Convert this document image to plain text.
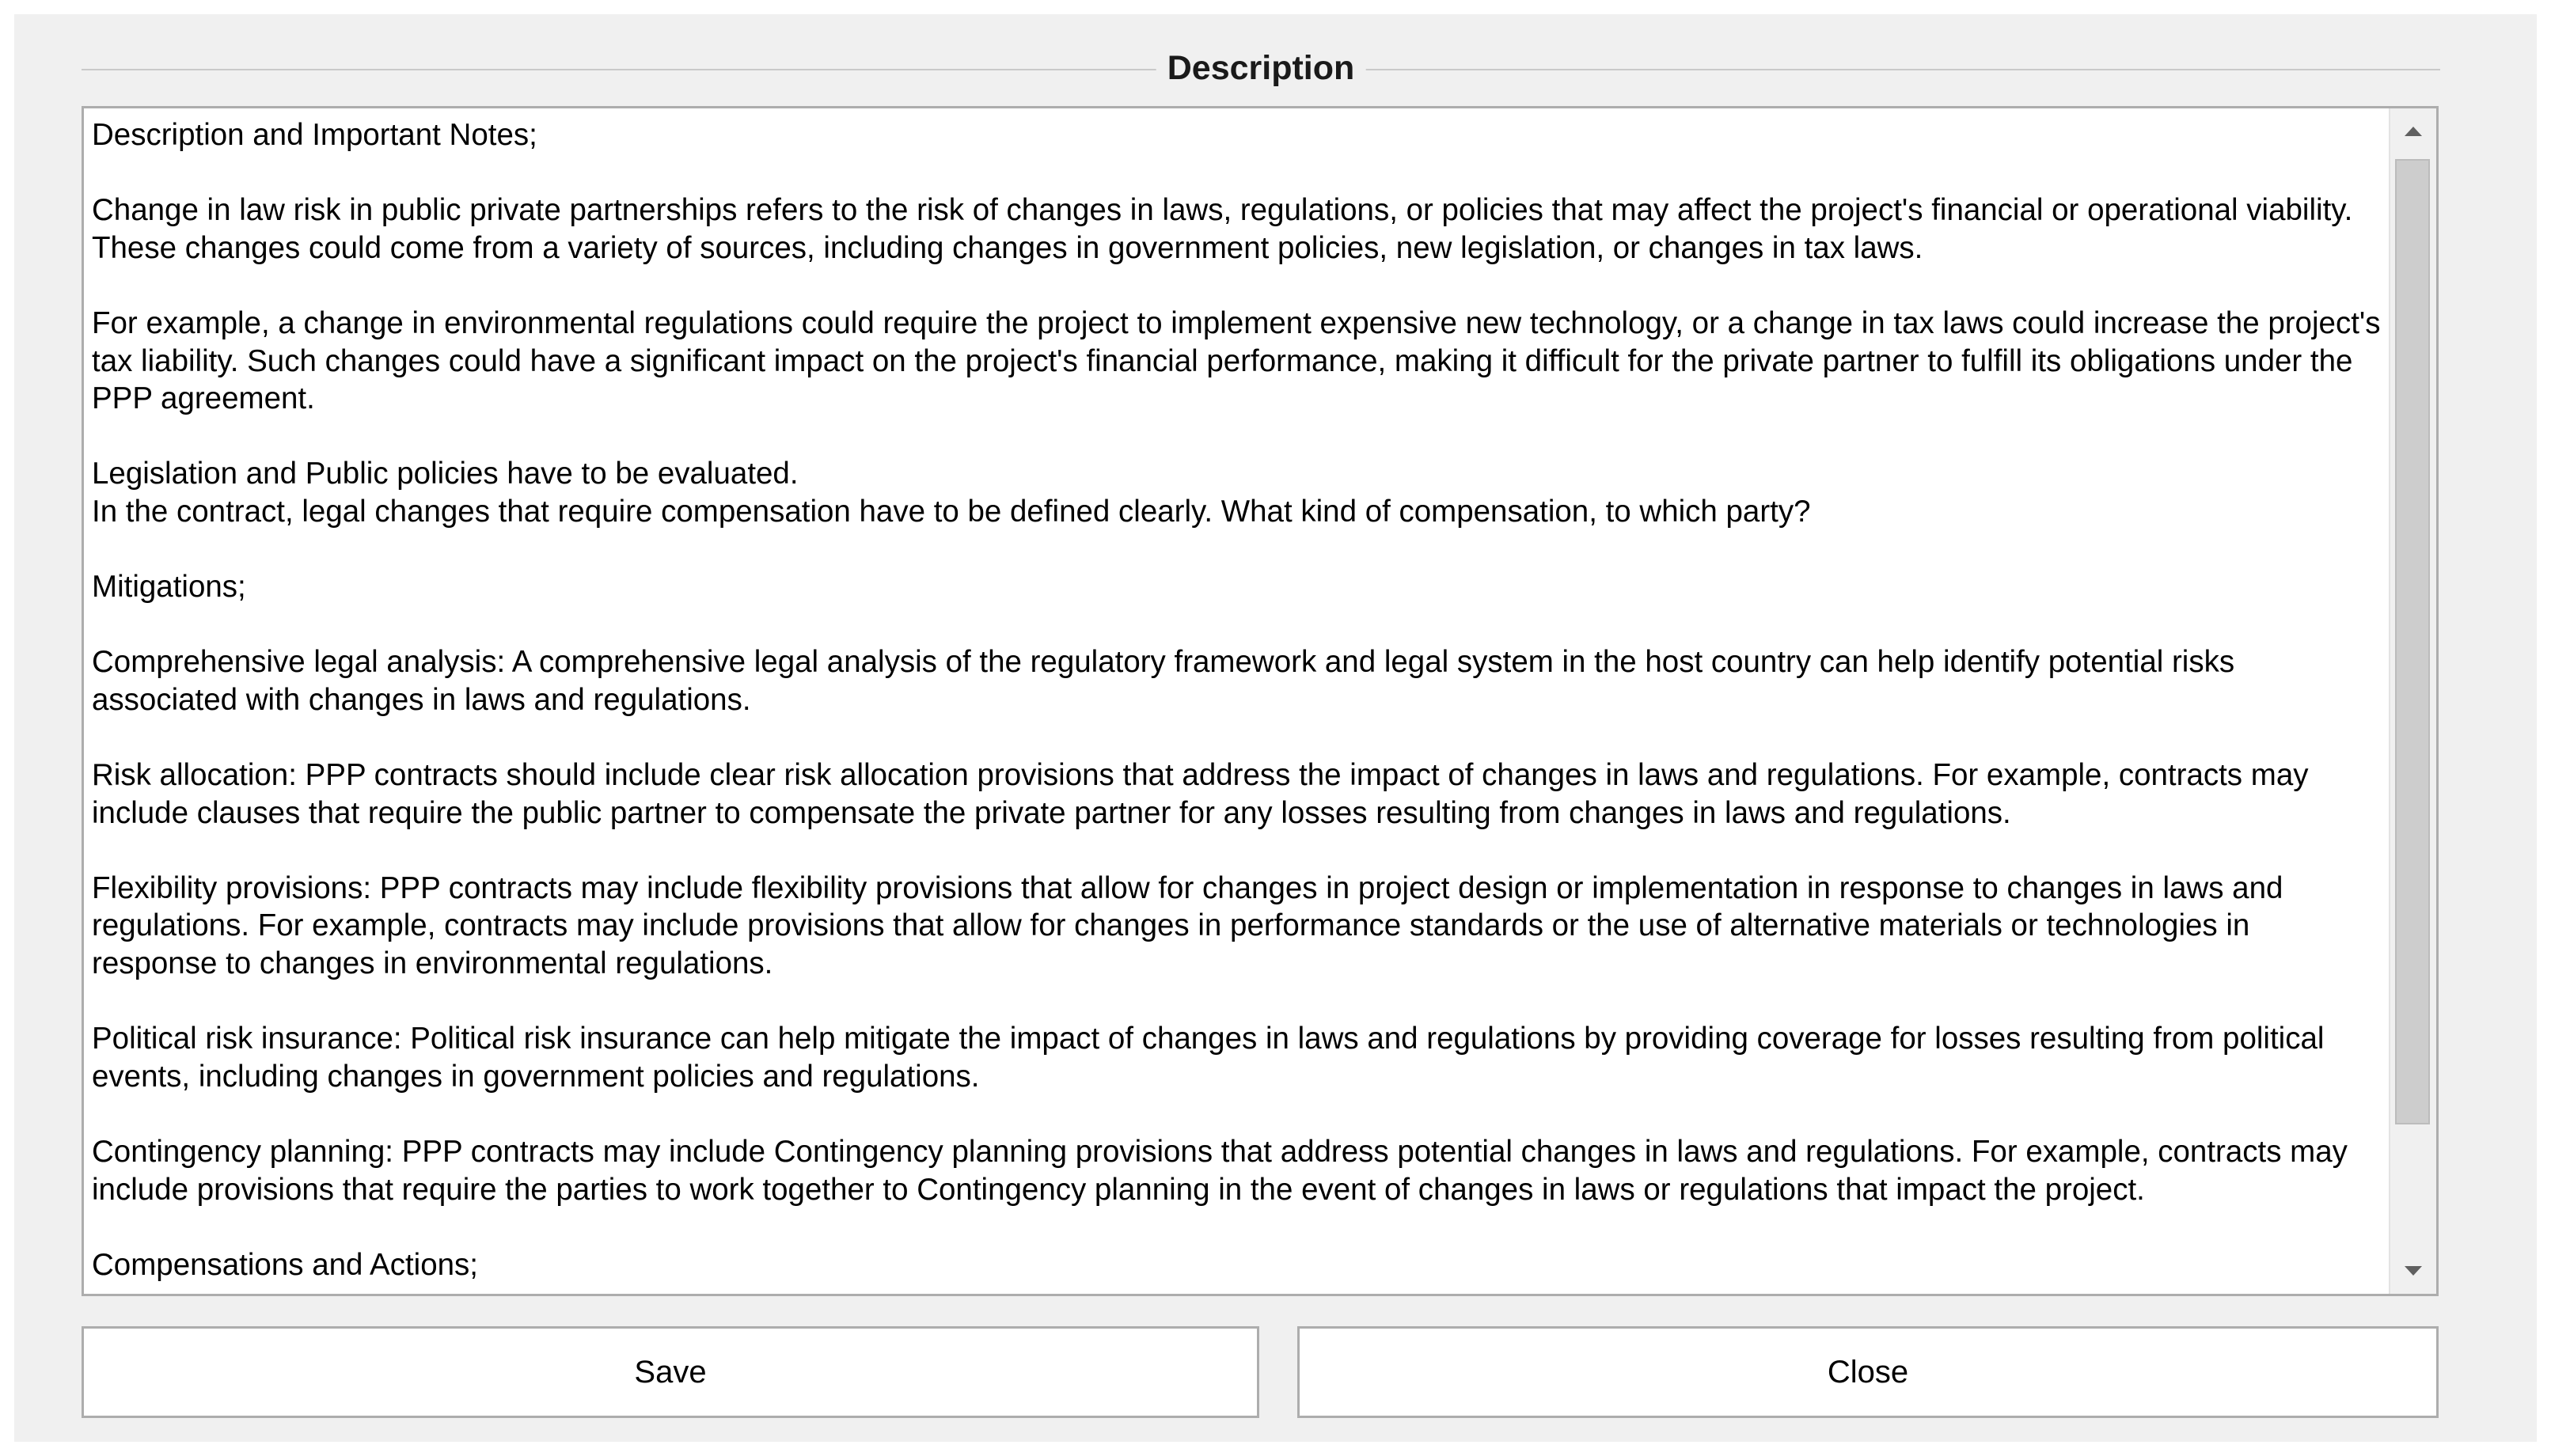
Description

Description and Important Notes;

Change in law risk in public private partnerships refers to the risk of changes in laws, regulations, or policies that may affect the project's financial or operational viability. These changes could come from a variety of sources, including changes in government policies, new legislation, or changes in tax laws.

For example, a change in environmental regulations could require the project to implement expensive new technology, or a change in tax laws could increase the project's tax liability. Such changes could have a significant impact on the project's financial performance, making it difficult for the private partner to fulfill its obligations under the PPP agreement.

Legislation and Public policies have to be evaluated.

In the contract, legal changes that require compensation have to be defined clearly. What kind of compensation, to which party?

Mitigations;

Comprehensive legal analysis: A comprehensive legal analysis of the regulatory framework and legal system in the host country can help identify potential risks associated with changes in laws and regulations.

Risk allocation: PPP contracts should include clear risk allocation provisions that address the impact of changes in laws and regulations. For example, contracts may include clauses that require the public partner to compensate the private partner for any losses resulting from changes in laws and regulations.

Flexibility provisions: PPP contracts may include flexibility provisions that allow for changes in project design or implementation in response to changes in laws and regulations. For example, contracts may include provisions that allow for changes in performance standards or the use of alternative materials or technologies in response to changes in environmental regulations.

Political risk insurance: Political risk insurance can help mitigate the impact of changes in laws and regulations by providing coverage for losses resulting from political events, including changes in government policies and regulations.

Contingency planning: PPP contracts may include Contingency planning provisions that address potential changes in laws and regulations. For example, contracts may include provisions that require the parties to work together to Contingency planning in the event of changes in laws or regulations that impact the project.

Compensations and Actions;

Save	Close
